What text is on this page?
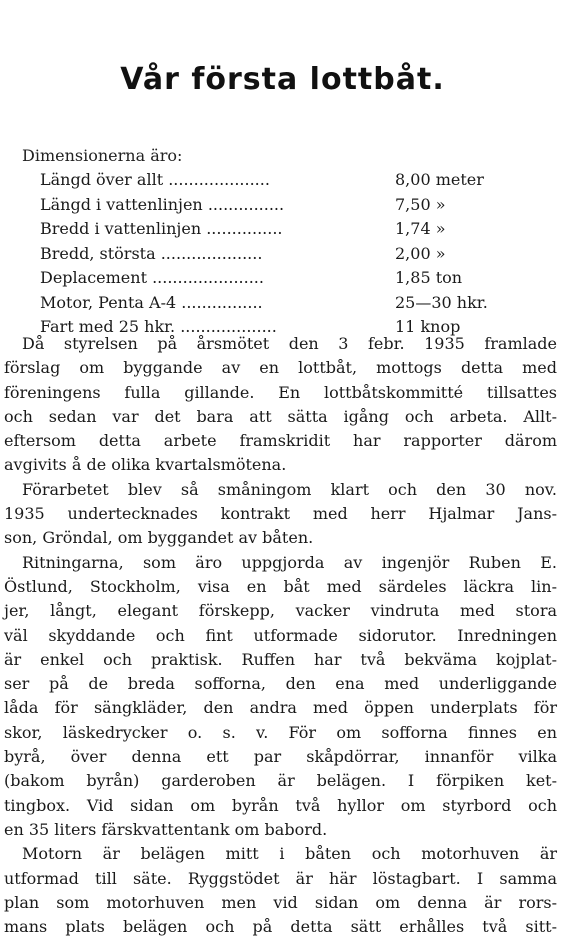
Vår första lottbåt.
Dimensionerna äro:
Längd över allt ....................	8,00 meter
Längd i vattenlinjen ...............	7,50 »
Bredd i vattenlinjen ...............	1,74 »
Bredd, största ....................	2,00 »
Deplacement ......................	1,85 ton
Motor, Penta A-4 ................	25—30 hkr.
Fart med 25 hkr. ...................	11 knop
Då styrelsen på årsmötet den 3 febr. 1935 framlade
förslag om byggande av en lottbåt, mottogs detta med
föreningens fulla gillande. En lottbåtskommitté tillsattes
och sedan var det bara att sätta igång och arbeta. Allt-
eftersom detta arbete framskridit har rapporter därom
avgivits å de olika kvartalsmötena.
Förarbetet blev så småningom klart och den 30 nov.
1935 undertecknades kontrakt med herr Hjalmar Jans-
son, Gröndal, om byggandet av båten.
Ritningarna, som äro uppgjorda av ingenjör Ruben E.
Östlund, Stockholm, visa en båt med särdeles läckra lin-
jer, långt, elegant förskepp, vacker vindruta med stora
väl skyddande och fint utformade sidorutor. Inredningen
är enkel och praktisk. Ruffen har två bekväma kojplat-
ser på de breda sofforna, den ena med underliggande
låda för sängkläder, den andra med öppen underplats för
skor, läskedrycker o. s. v. För om sofforna finnes en
byrå, över denna ett par skåpdörrar, innanför vilka
(bakom byrån) garderoben är belägen. I förpiken ket-
tingbox. Vid sidan om byrån två hyllor om styrbord och
en 35 liters färskvattentank om babord.
Motorn är belägen mitt i båten och motorhuven är
utformad till säte. Ryggstödet är här löstagbart. I samma
plan som motorhuven men vid sidan om denna är rors-
mans plats belägen och på detta sätt erhålles två sitt-
